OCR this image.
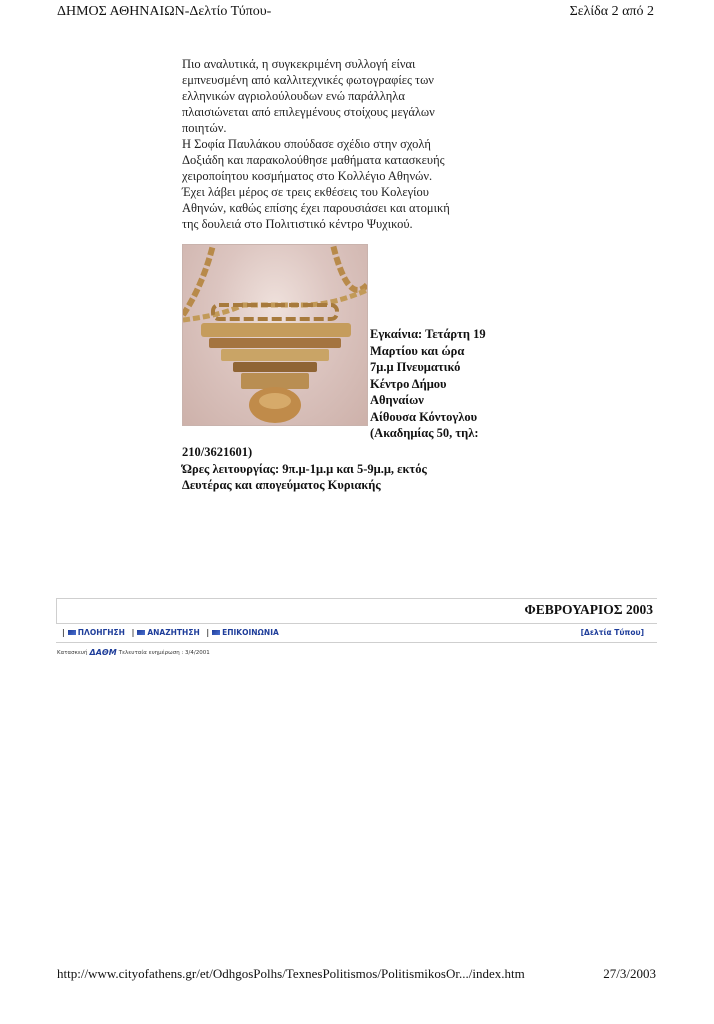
ΔΗΜΟΣ ΑΘΗΝΑΙΩΝ-Δελτίο Τύπου-	Σελίδα 2 από 2

Πιο αναλυτικά, η συγκεκριμένη συλλογή είναι
εμπνευσμένη από καλλιτεχνικές φωτογραφίες των
ελληνικών αγριολούλουδων ενώ παράλληλα
πλαισιώνεται από επιλεγμένους στοίχους μεγάλων
ποιητών.

Η Σοφία Παυλάκου σπούδασε σχέδιο στην σχολή
Δοξιάδη και παρακολούθησε μαθήματα κατασκευής
χειροποίητου κοσμήματος στο Κολλέγιο Αθηνών.
Έχει λάβει μέρος σε τρεις εκθέσεις του Κολεγίου
Αθηνών, καθώς επίσης έχει παρουσιάσει και ατομική
της δουλειά στο Πολιτιστικό κέντρο Ψυχικού.

Εγκαίνια: Τετάρτη 19
Μαρτίου και ώρα
7μ.μ Πνευματικό
Κέντρο Δήμου
Αθηναίων
Αίθουσα Κόντογλου
(Ακαδημίας 50, τηλ:
210/3621601)
Ώρες λειτουργίας: 9π.μ-1μ.μ και 5-9μ.μ, εκτός
Δευτέρας και απογεύματος Κυριακής
ΦΕΒΡΟΥΑΡΙΟΣ 2003
| ΠΛΟΗΓΗΣΗ
| ΑΝΑΖΗΤΗΣΗ
| ΕΠΙΚΟΙΝΩΝΙΑ	[Δελτία Τύπου]
Κατασκευή ΔΑΘΜ Τελευταία ενημέρωση : 3/4/2001
http://www.cityofathens.gr/et/OdhgosPolhs/TexnesPolitismos/PolitismikosOr.../index.htm	27/3/2003
